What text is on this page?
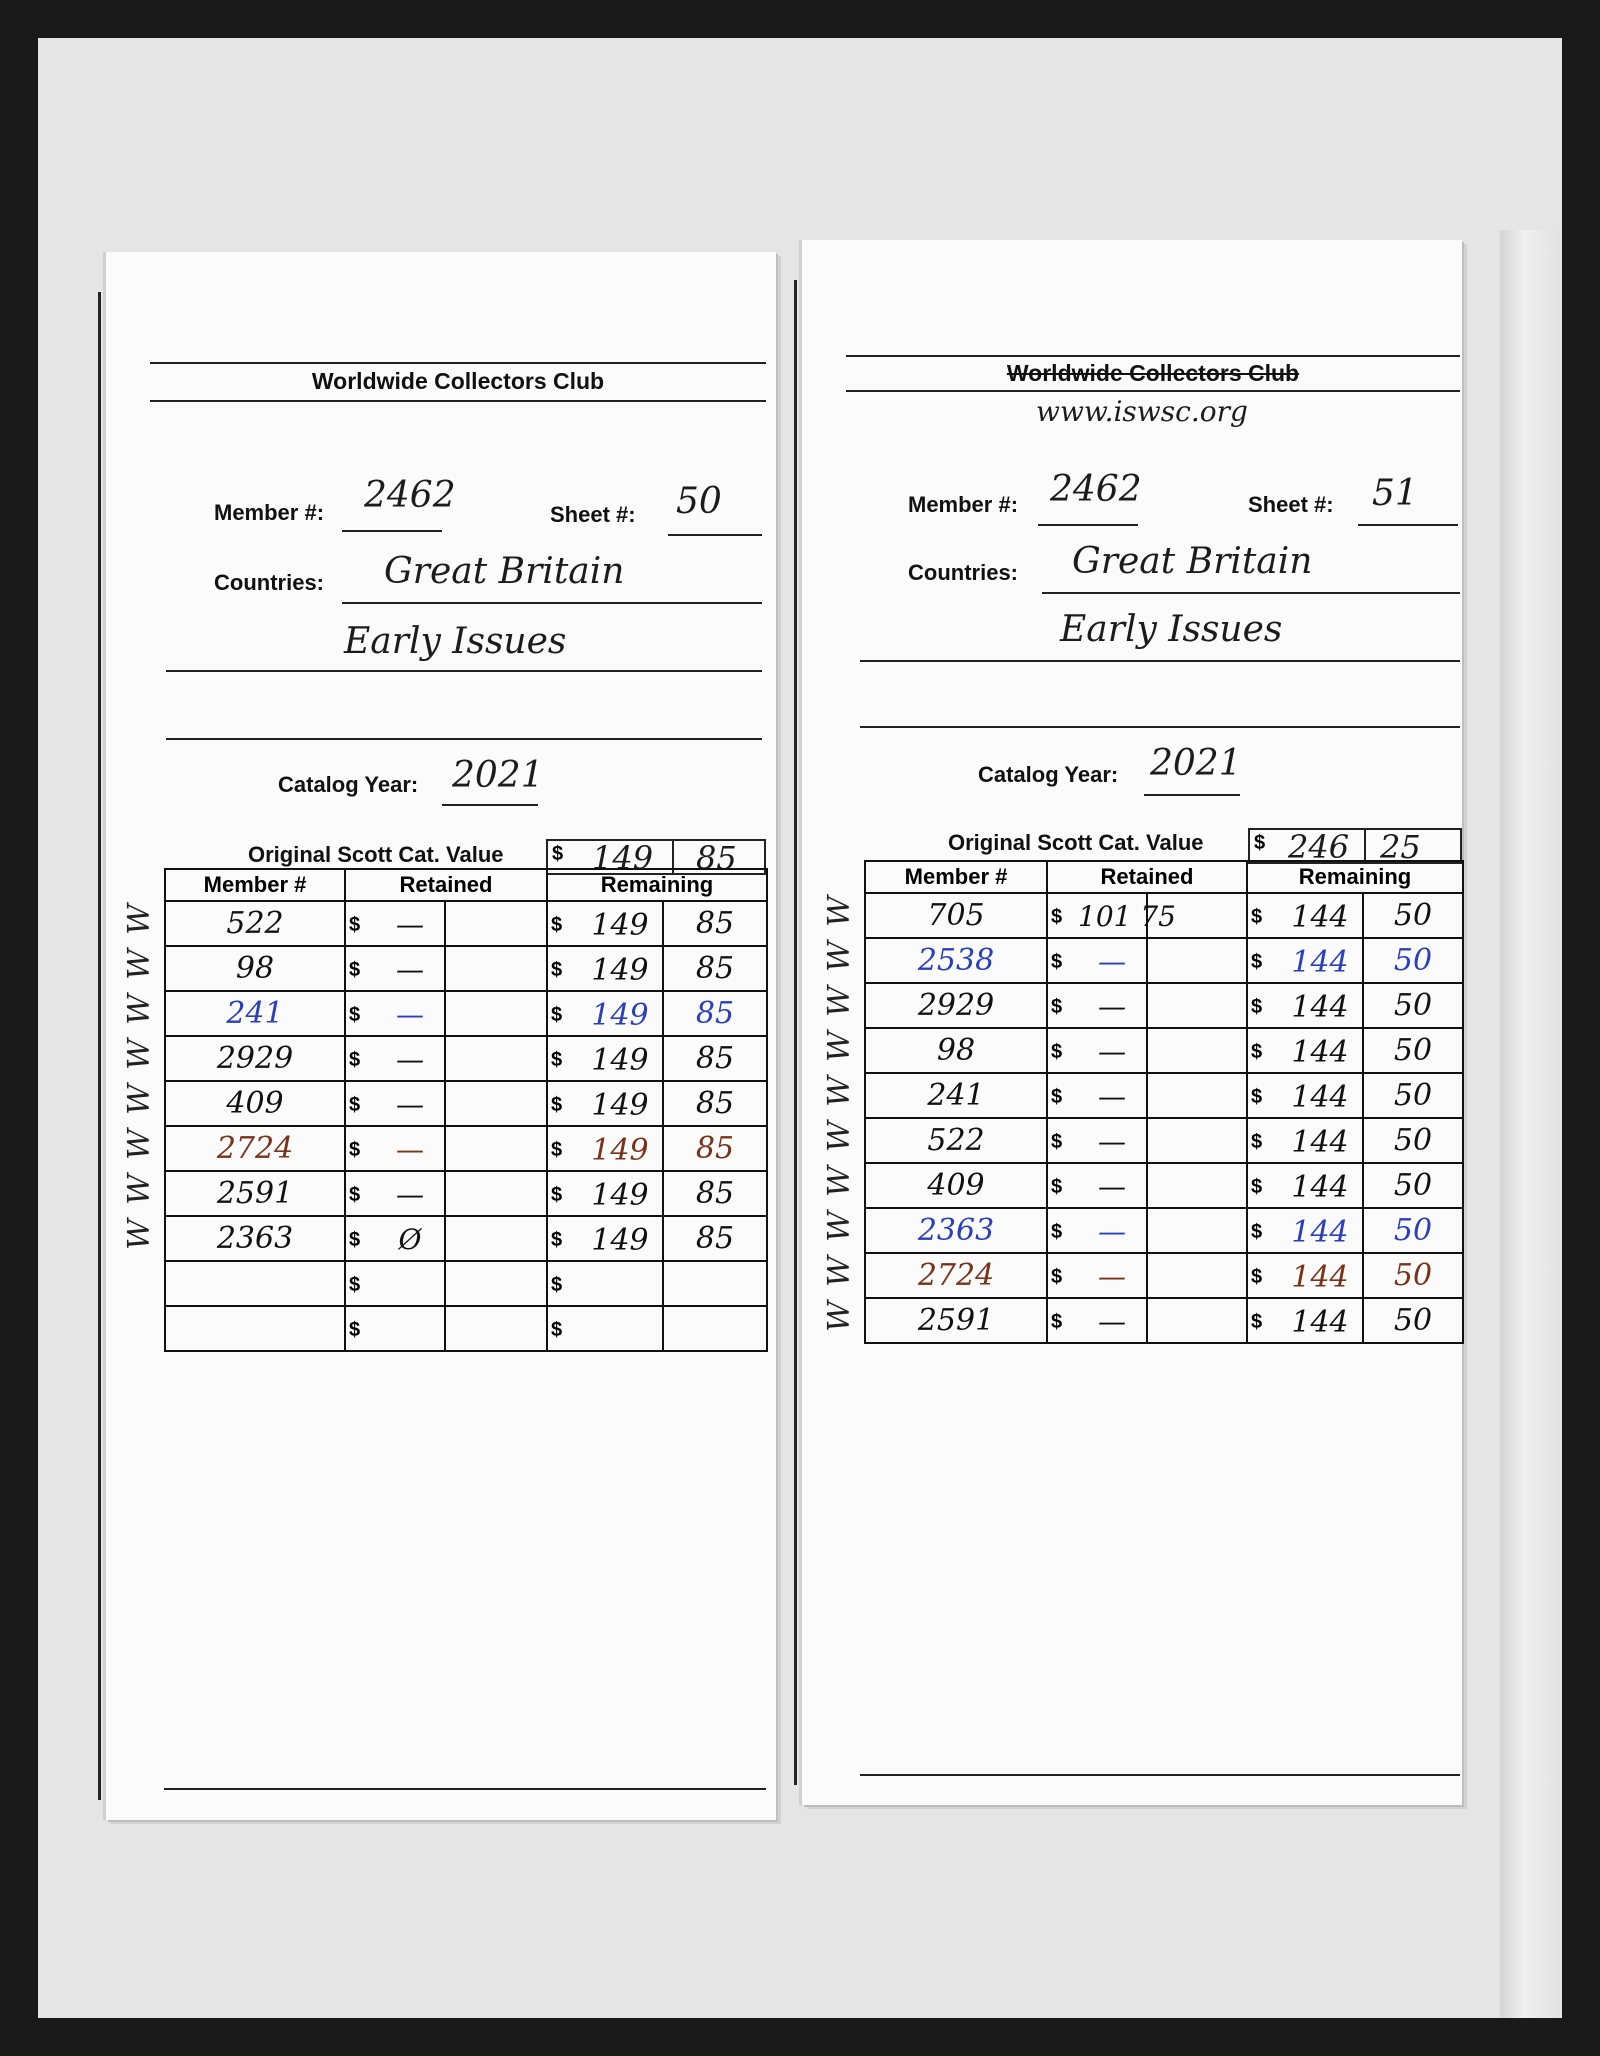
Worldwide Collectors Club
Member #: 2462	Sheet #: 50
Countries: Great Britain
Early Issues
Catalog Year: 2021
Original Scott Cat. Value $ 149 85
Member #	Retained		Remaining	
522	$ —		$ 149	85
98	$ —		$ 149	85
241	$ —		$ 149	85
2929	$ —		$ 149	85
409	$ —		$ 149	85
2724	$ —		$ 149	85
2591	$ —		$ 149	85
2363	$ Ø		$ 149	85

	$		$	

	$		$	

W
W
W
W
W
W
W
W
Worldwide Collectors Club
www.iswsc.org
Member #: 2462	Sheet #: 51
Countries: Great Britain
Early Issues
Catalog Year: 2021
Original Scott Cat. Value	$ 246 25
Member #	Retained		Remaining	
705	$ 101 75		$ 144	50
2538	$ —		$ 144	50
2929	$ —		$ 144	50
98	$ —		$ 144	50
241	$ —		$ 144	50
522	$ —		$ 144	50
409	$ —		$ 144	50
2363	$ —		$ 144	50
2724	$ —		$ 144	50
2591	$ —		$ 144	50
W
W
W
W
W
W
W
W
W
W
